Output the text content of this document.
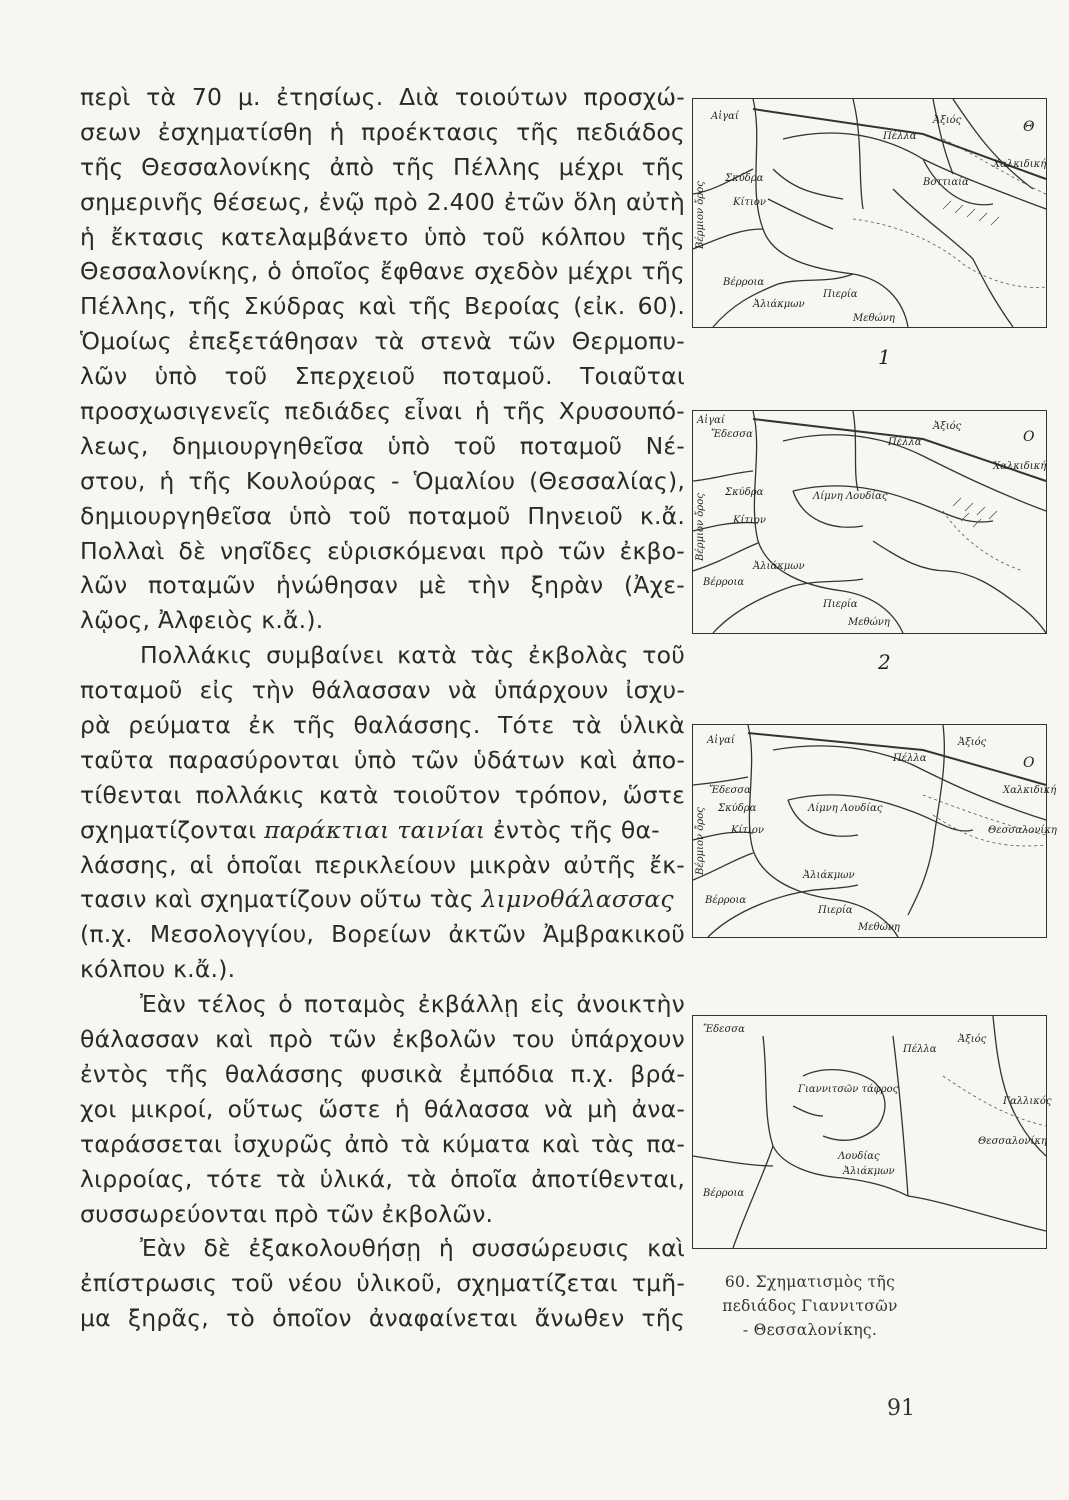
περὶ τὰ 70 μ. ἐτησίως. Διὰ τοιούτων προσχώ-
σεων ἐσχηματίσθη ἡ προέκτασις τῆς πεδιάδος
τῆς Θεσσαλονίκης ἀπὸ τῆς Πέλλης μέχρι τῆς
σημερινῆς θέσεως, ἐνῷ πρὸ 2.400 ἐτῶν ὅλη αὐτὴ
ἡ ἔκτασις κατελαμβάνετο ὑπὸ τοῦ κόλπου τῆς
Θεσσαλονίκης, ὁ ὁποῖος ἔφθανε σχεδὸν μέχρι τῆς
Πέλλης, τῆς Σκύδρας καὶ τῆς Βεροίας (εἰκ. 60).
Ὁμοίως ἐπεξετάθησαν τὰ στενὰ τῶν Θερμοπυ-
λῶν ὑπὸ τοῦ Σπερχειοῦ ποταμοῦ. Τοιαῦται
προσχωσιγενεῖς πεδιάδες εἶναι ἡ τῆς Χρυσουπό-
λεως, δημιουργηθεῖσα ὑπὸ τοῦ ποταμοῦ Νέ-
στου, ἡ τῆς Κουλούρας - Ὁμαλίου (Θεσσαλίας),
δημιουργηθεῖσα ὑπὸ τοῦ ποταμοῦ Πηνειοῦ κ.ἄ.
Πολλαὶ δὲ νησῖδες εὑρισκόμεναι πρὸ τῶν ἐκβο-
λῶν ποταμῶν ἡνώθησαν μὲ τὴν ξηρὰν (Ἀχε-
λῷος, Ἀλφειὸς κ.ἄ.).
Πολλάκις συμβαίνει κατὰ τὰς ἐκβολὰς τοῦ
ποταμοῦ εἰς τὴν θάλασσαν νὰ ὑπάρχουν ἰσχυ-
ρὰ ρεύματα ἐκ τῆς θαλάσσης. Τότε τὰ ὑλικὰ
ταῦτα παρασύρονται ὑπὸ τῶν ὑδάτων καὶ ἀπο-
τίθενται πολλάκις κατὰ τοιοῦτον τρόπον, ὥστε
σχηματίζονται παράκτιαι ταινίαι ἐντὸς τῆς θα-
λάσσης, αἱ ὁποῖαι περικλείουν μικρὰν αὐτῆς ἔκ-
τασιν καὶ σχηματίζουν οὕτω τὰς λιμνοθάλασσας
(π.χ. Μεσολογγίου, Βορείων ἀκτῶν Ἀμβρακικοῦ
κόλπου κ.ἄ.).
Ἐὰν τέλος ὁ ποταμὸς ἐκβάλλῃ εἰς ἀνοικτὴν
θάλασσαν καὶ πρὸ τῶν ἐκβολῶν του ὑπάρχουν
ἐντὸς τῆς θαλάσσης φυσικὰ ἐμπόδια π.χ. βρά-
χοι μικροί, οὕτως ὥστε ἡ θάλασσα νὰ μὴ ἀνα-
ταράσσεται ἰσχυρῶς ἀπὸ τὰ κύματα καὶ τὰς πα-
λιρροίας, τότε τὰ ὑλικά, τὰ ὁποῖα ἀποτίθενται,
συσσωρεύονται πρὸ τῶν ἐκβολῶν.
Ἐὰν δὲ ἐξακολουθήσῃ ἡ συσσώρευσις καὶ
ἐπίστρωσις τοῦ νέου ὑλικοῦ, σχηματίζεται τμῆ-
μα ξηρᾶς, τὸ ὁποῖον ἀναφαίνεται ἄνωθεν τῆς
Αἰγαί
Πέλλα
Ἀξιός
Σκύδρα
Κίτιον
Βέρμιον ὄρος	Βοττιαία
Χαλκιδική
Βέρροια
Ἀλιάκμων
Πιερία
Μεθώνη
Θ
1
Αἰγαί
Ἔδεσσα
Πέλλα
Ἀξιός
Σκύδρα	Λίμνη Λουδίας
Κίτιον
Βέρμιον ὄρος
Ἀλιάκμων
Βέρροια
Πιερία
Μεθώνη
Χαλκιδική
Ο
2
Αἰγαί
Ἔδεσσα
Πέλλα
Ἀξιός
Σκύδρα	Λίμνη Λουδίας
Κίτιον
Βέρμιον ὄρος
Ἀλιάκμων
Βέρροια
Πιερία
Μεθώνη
Χαλκιδική
Θεσσαλονίκη
Ο
Ἔδεσσα
Πέλλα
Ἀξιός
Λουδίας
Γιαννιτσῶν τάφρος
Ἀλιάκμων
Βέρροια
Γαλλικός
Θεσσαλονίκη
60. Σχηματισμὸς τῆς
πεδιάδος Γιαννιτσῶν
- Θεσσαλονίκης.
91
